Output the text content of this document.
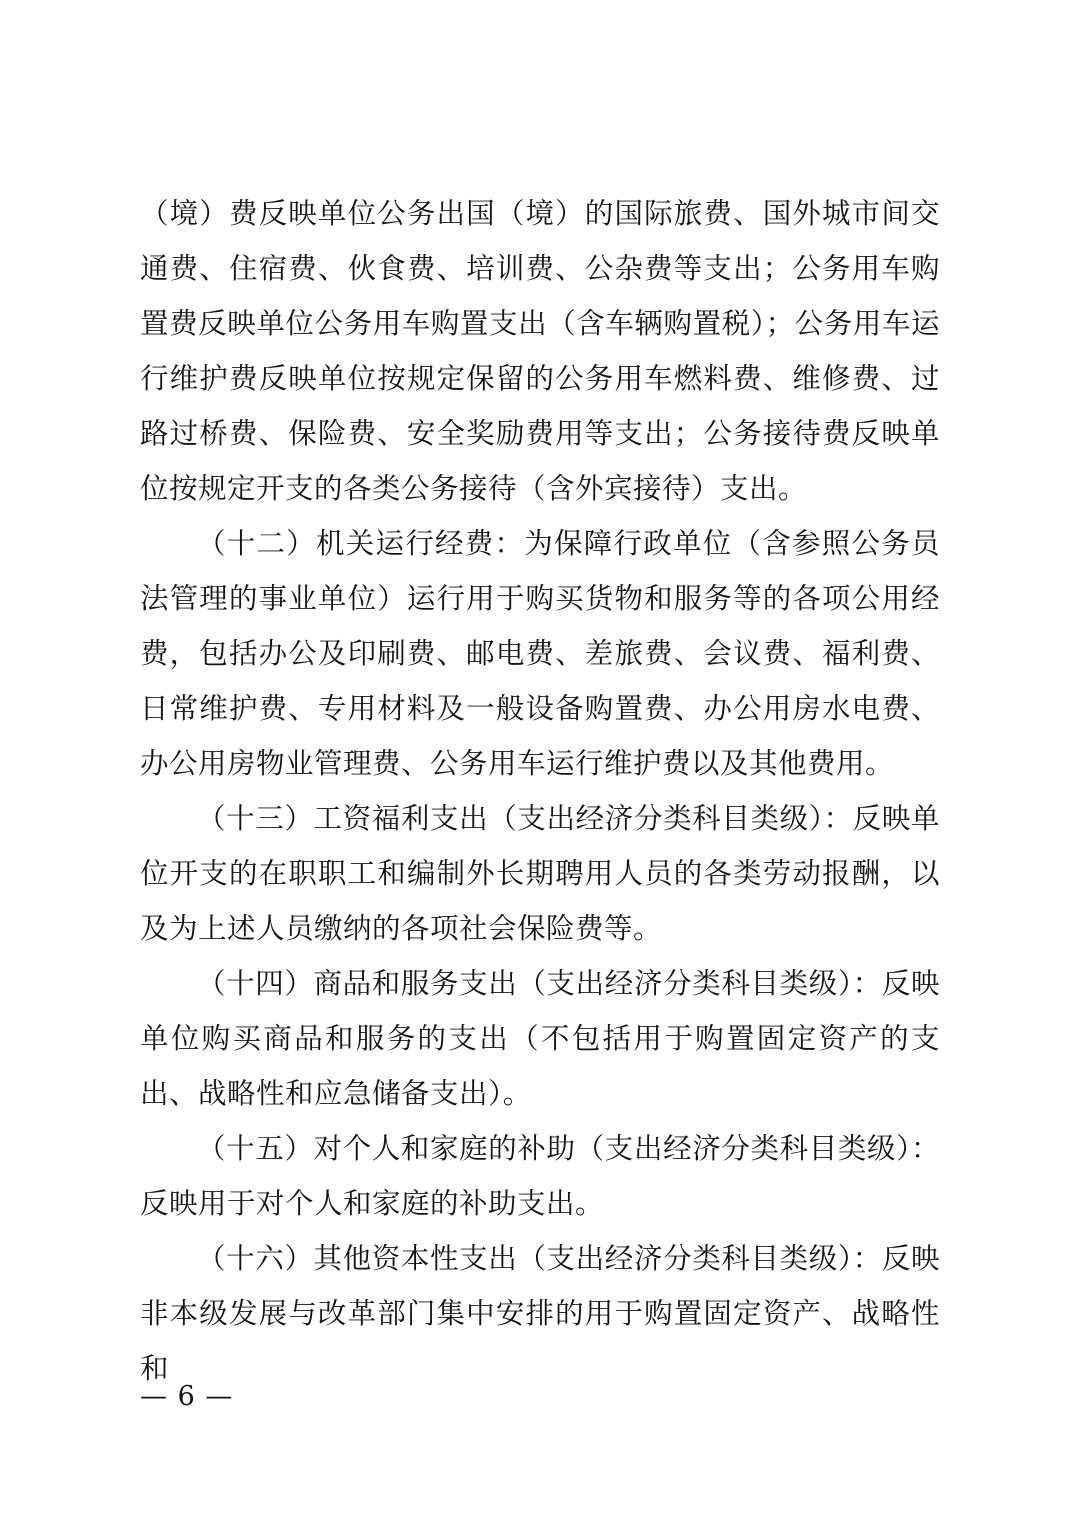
（境）费反映单位公务出国（境）的国际旅费、国外城市间交通费、住宿费、伙食费、培训费、公杂费等支出；公务用车购置费反映单位公务用车购置支出（含车辆购置税）；公务用车运行维护费反映单位按规定保留的公务用车燃料费、维修费、过路过桥费、保险费、安全奖励费用等支出；公务接待费反映单位按规定开支的各类公务接待（含外宾接待）支出。

（十二）机关运行经费：为保障行政单位（含参照公务员法管理的事业单位）运行用于购买货物和服务等的各项公用经费，包括办公及印刷费、邮电费、差旅费、会议费、福利费、日常维护费、专用材料及一般设备购置费、办公用房水电费、办公用房物业管理费、公务用车运行维护费以及其他费用。

（十三）工资福利支出（支出经济分类科目类级）：反映单位开支的在职职工和编制外长期聘用人员的各类劳动报酬，以及为上述人员缴纳的各项社会保险费等。

（十四）商品和服务支出（支出经济分类科目类级）：反映单位购买商品和服务的支出（不包括用于购置固定资产的支出、战略性和应急储备支出）。

（十五）对个人和家庭的补助（支出经济分类科目类级）：反映用于对个人和家庭的补助支出。

（十六）其他资本性支出（支出经济分类科目类级）：反映非本级发展与改革部门集中安排的用于购置固定资产、战略性和

— 6 —
